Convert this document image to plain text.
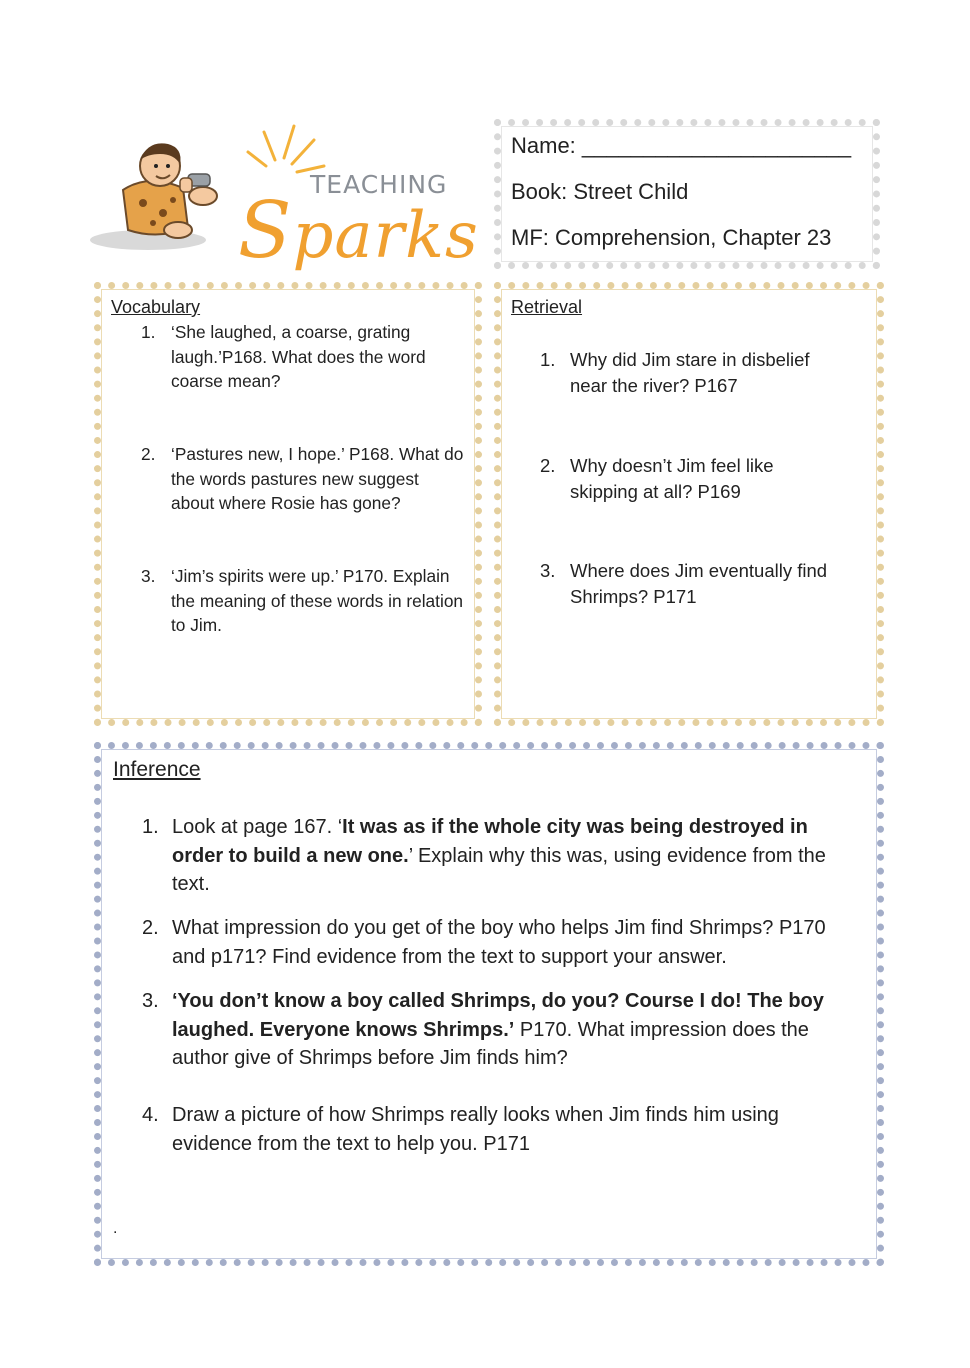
TEACHING
Sparks
Name: ______________________
Book: Street Child
MF: Comprehension, Chapter 23
Vocabulary
1. ‘She laughed, a coarse, grating laugh.’P168. What does the word coarse mean?
2. ‘Pastures new, I hope.’ P168. What do the words pastures new suggest about where Rosie has gone?
3. ‘Jim’s spirits were up.’ P170. Explain the meaning of these words in relation to Jim.
Retrieval
1. Why did Jim stare in disbelief near the river? P167
2. Why doesn’t Jim feel like skipping at all? P169
3. Where does Jim eventually find Shrimps? P171
Inference
1. Look at page 167. ‘It was as if the whole city was being destroyed in order to build a new one.’ Explain why this was, using evidence from the text.
2. What impression do you get of the boy who helps Jim find Shrimps? P170 and p171? Find evidence from the text to support your answer.
3. ‘You don’t know a boy called Shrimps, do you? Course I do! The boy laughed. Everyone knows Shrimps.’ P170. What impression does the author give of Shrimps before Jim finds him?
4. Draw a picture of how Shrimps really looks when Jim finds him using evidence from the text to help you. P171
.
